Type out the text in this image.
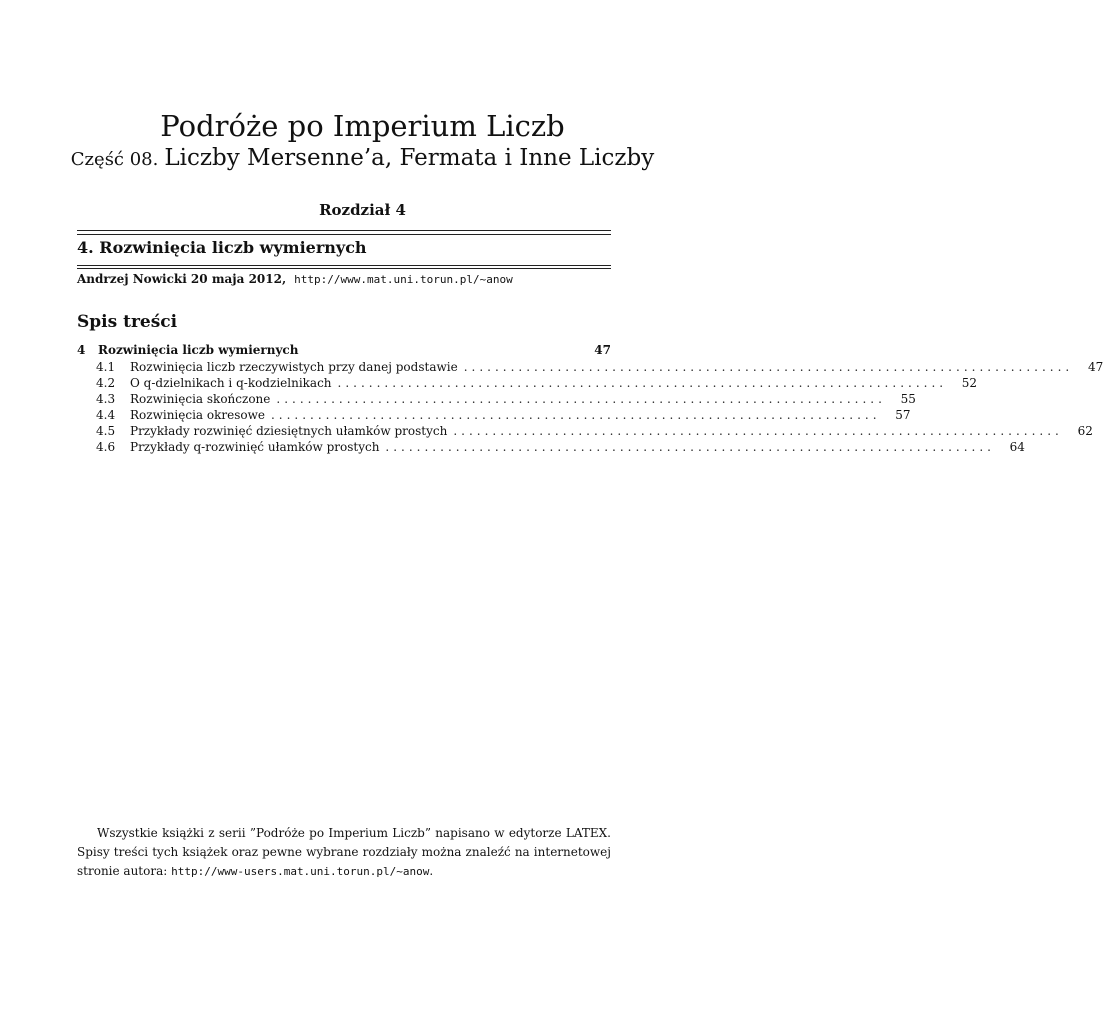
Podróże po Imperium Liczb
Część 08. Liczby Mersenne’a, Fermata i Inne Liczby
Rozdział 4
4. Rozwinięcia liczb wymiernych
Andrzej Nowicki 20 maja 2012, http://www.mat.uni.torun.pl/~anow
Spis treści
4	Rozwinięcia liczb wymiernych	47
4.1	Rozwinięcia liczb rzeczywistych przy danej podstawie ..............................................................................	47
4.2	O q-dzielnikach i q-kodzielnikach ..............................................................................	52
4.3	Rozwinięcia skończone ..............................................................................	55
4.4	Rozwinięcia okresowe ..............................................................................	57
4.5	Przykłady rozwinięć dziesiętnych ułamków prostych ..............................................................................	62
4.6	Przykłady q-rozwinięć ułamków prostych ..............................................................................	64
Wszystkie książki z serii ”Podróże po Imperium Liczb” napisano w edytorze LATEX. Spisy treści tych książek oraz pewne wybrane rozdziały można znaleźć na internetowej stronie autora: http://www-users.mat.uni.torun.pl/~anow.
